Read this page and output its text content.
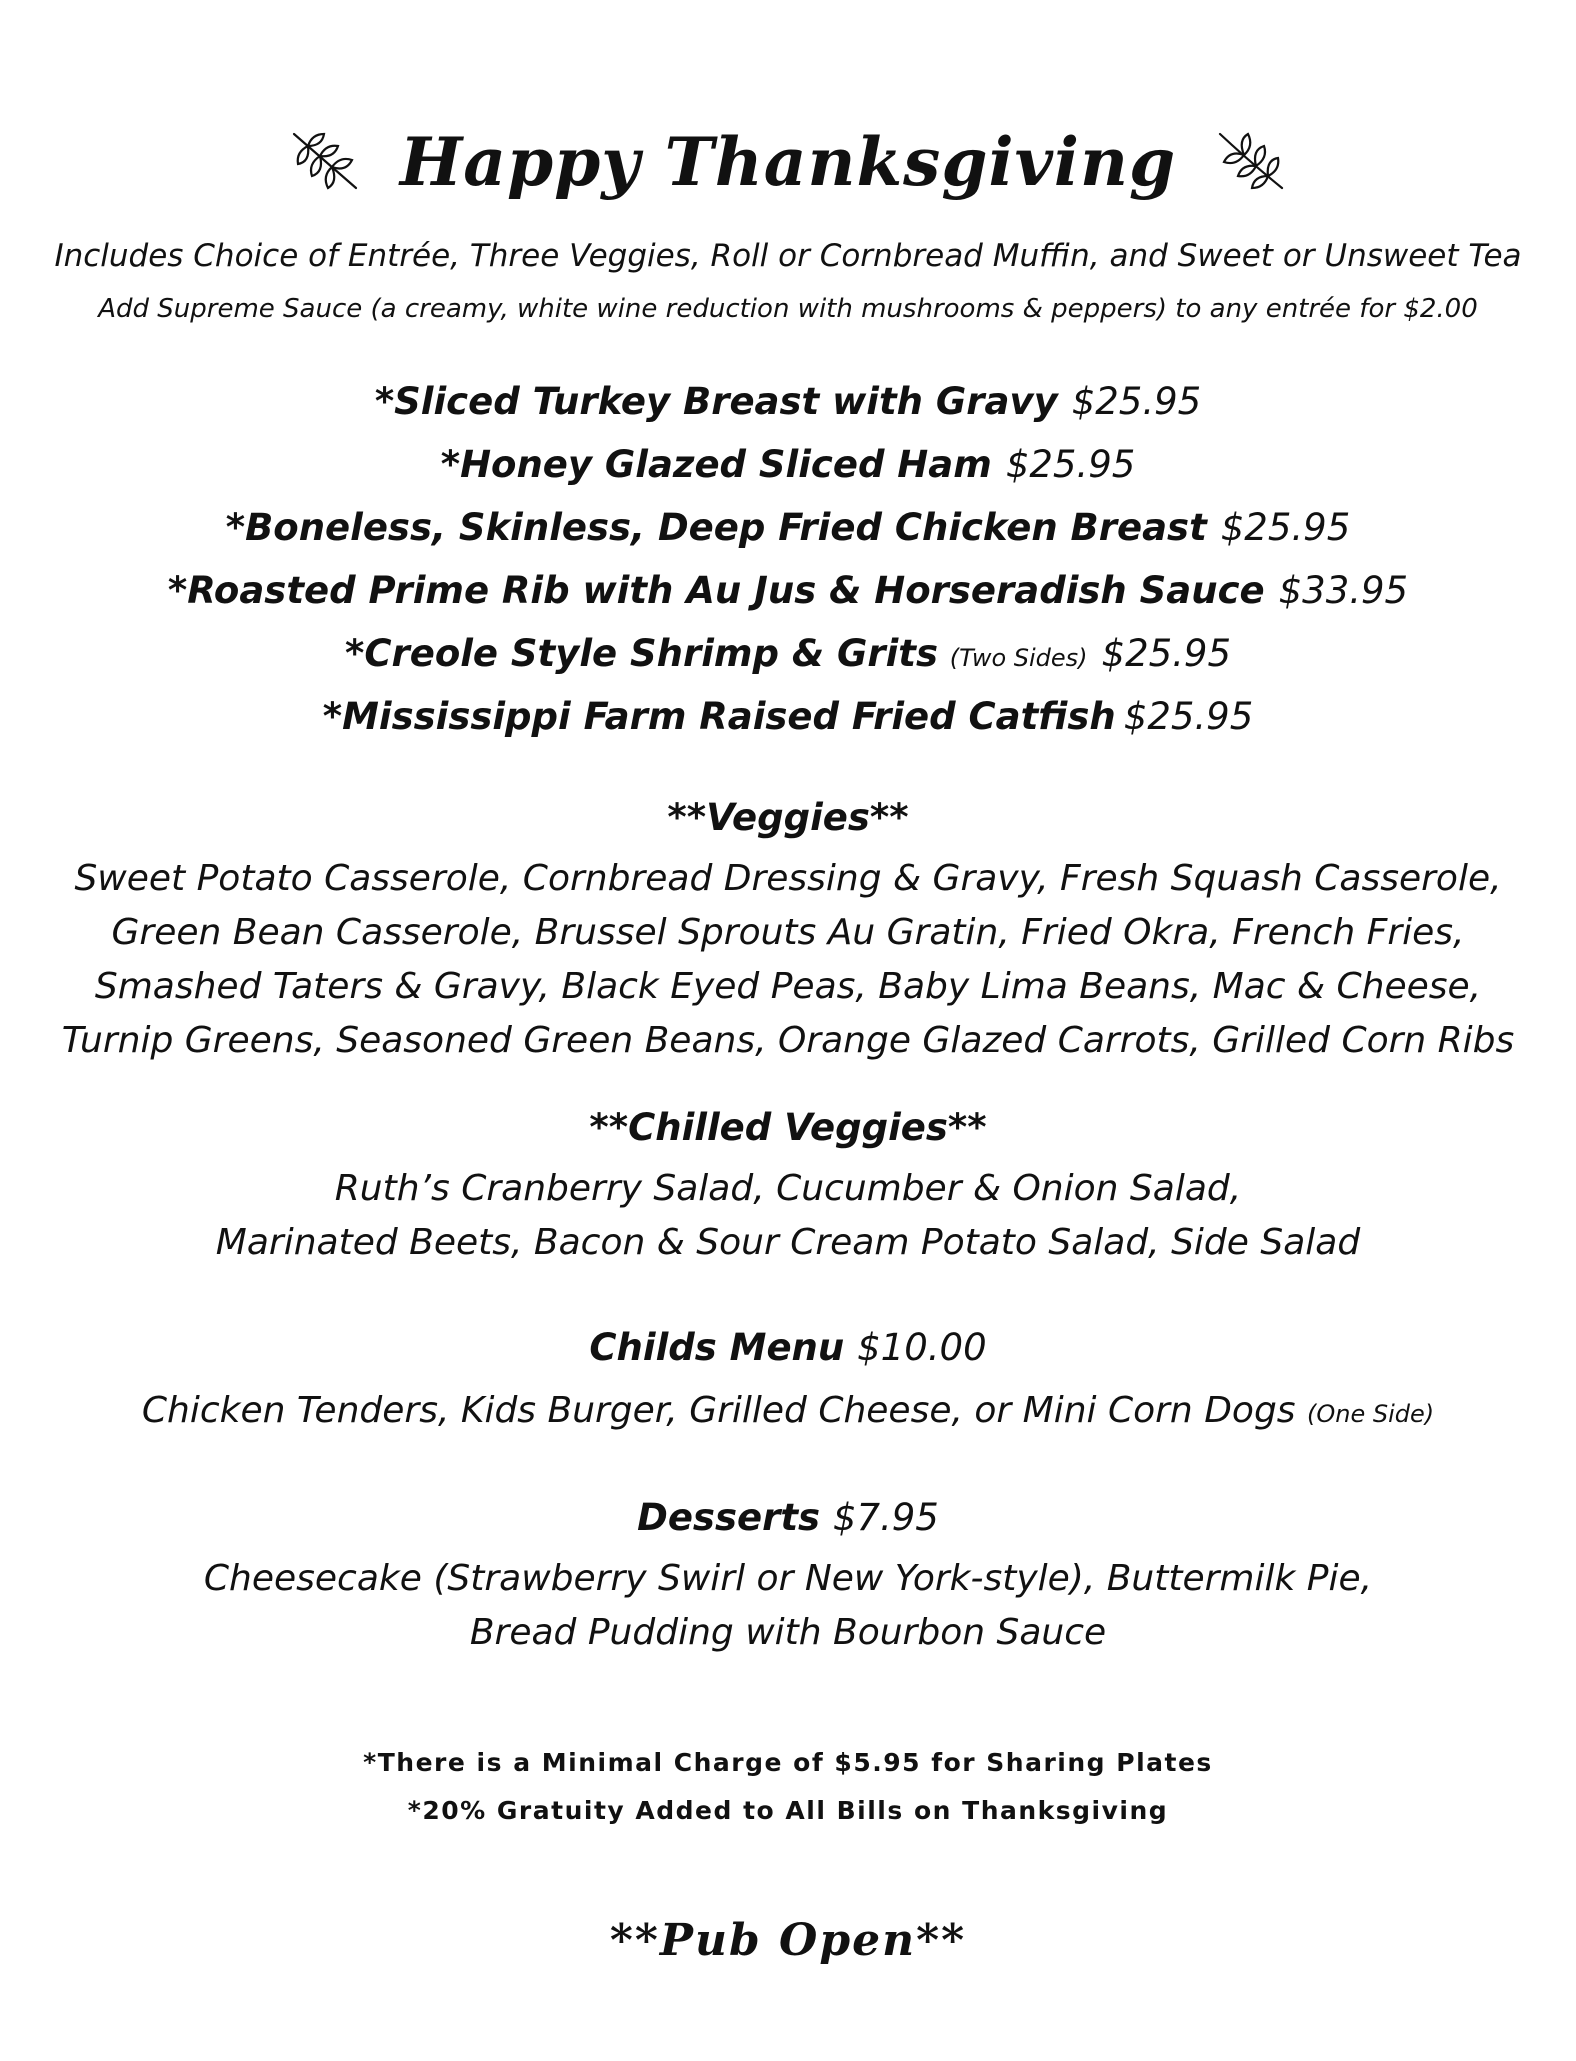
Happy Thanksgiving
Includes Choice of Entrée, Three Veggies, Roll or Cornbread Muffin, and Sweet or Unsweet Tea
Add Supreme Sauce (a creamy, white wine reduction with mushrooms & peppers) to any entrée for $2.00
*Sliced Turkey Breast with Gravy $25.95
*Honey Glazed Sliced Ham $25.95
*Boneless, Skinless, Deep Fried Chicken Breast $25.95
*Roasted Prime Rib with Au Jus & Horseradish Sauce $33.95
*Creole Style Shrimp & Grits (Two Sides) $25.95
*Mississippi Farm Raised Fried Catfish $25.95
**Veggies**
Sweet Potato Casserole, Cornbread Dressing & Gravy, Fresh Squash Casserole,
Green Bean Casserole, Brussel Sprouts Au Gratin, Fried Okra, French Fries,
Smashed Taters & Gravy, Black Eyed Peas, Baby Lima Beans, Mac & Cheese,
Turnip Greens, Seasoned Green Beans, Orange Glazed Carrots, Grilled Corn Ribs
**Chilled Veggies**
Ruth’s Cranberry Salad, Cucumber & Onion Salad,
Marinated Beets, Bacon & Sour Cream Potato Salad, Side Salad
Childs Menu $10.00
Chicken Tenders, Kids Burger, Grilled Cheese, or Mini Corn Dogs (One Side)
Desserts $7.95
Cheesecake (Strawberry Swirl or New York-style), Buttermilk Pie,
Bread Pudding with Bourbon Sauce
*There is a Minimal Charge of $5.95 for Sharing Plates
*20% Gratuity Added to All Bills on Thanksgiving
**Pub Open**
